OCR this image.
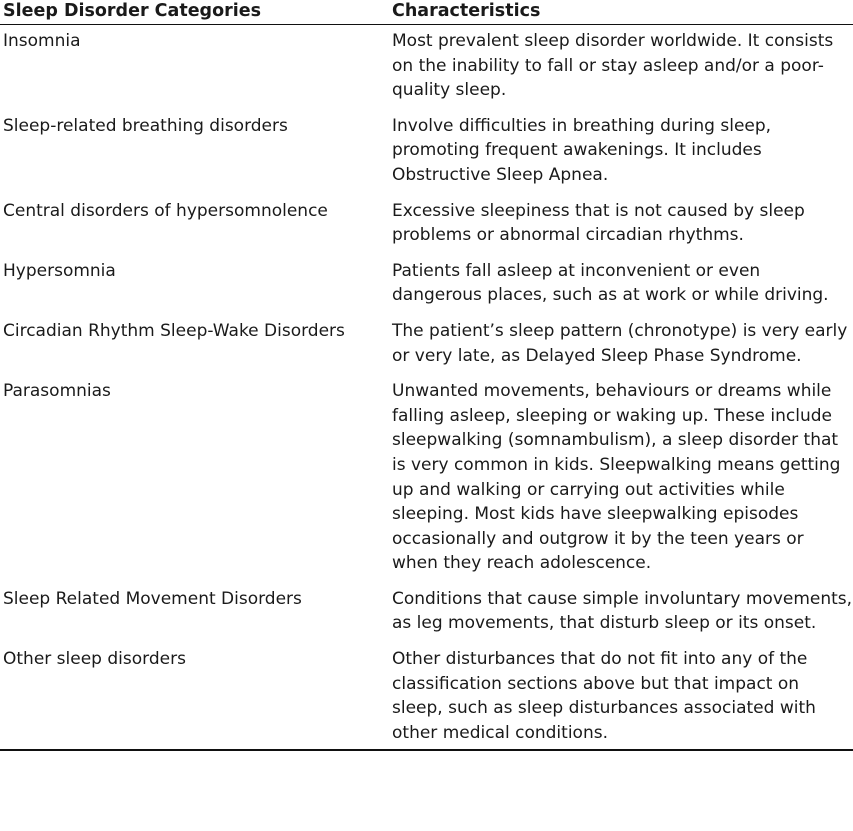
Sleep Disorder Categories	Characteristics
Insomnia	Most prevalent sleep disorder worldwide. It consists on the inability to fall or stay asleep and/or a poor-quality sleep.
Sleep-related breathing disorders	Involve difficulties in breathing during sleep, promoting frequent awakenings. It includes Obstructive Sleep Apnea.
Central disorders of hypersomnolence	Excessive sleepiness that is not caused by sleep problems or abnormal circadian rhythms.
Hypersomnia	Patients fall asleep at inconvenient or even dangerous places, such as at work or while driving.
Circadian Rhythm Sleep-Wake Disorders	The patient’s sleep pattern (chronotype) is very early or very late, as Delayed Sleep Phase Syndrome.
Parasomnias	Unwanted movements, behaviours or dreams while falling asleep, sleeping or waking up. These include sleepwalking (somnambulism), a sleep disorder that is very common in kids. Sleepwalking means getting up and walking or carrying out activities while sleeping. Most kids have sleepwalking episodes occasionally and outgrow it by the teen years or when they reach adolescence.
Sleep Related Movement Disorders	Conditions that cause simple involuntary movements, as leg movements, that disturb sleep or its onset.
Other sleep disorders	Other disturbances that do not fit into any of the classification sections above but that impact on sleep, such as sleep disturbances associated with other medical conditions.
